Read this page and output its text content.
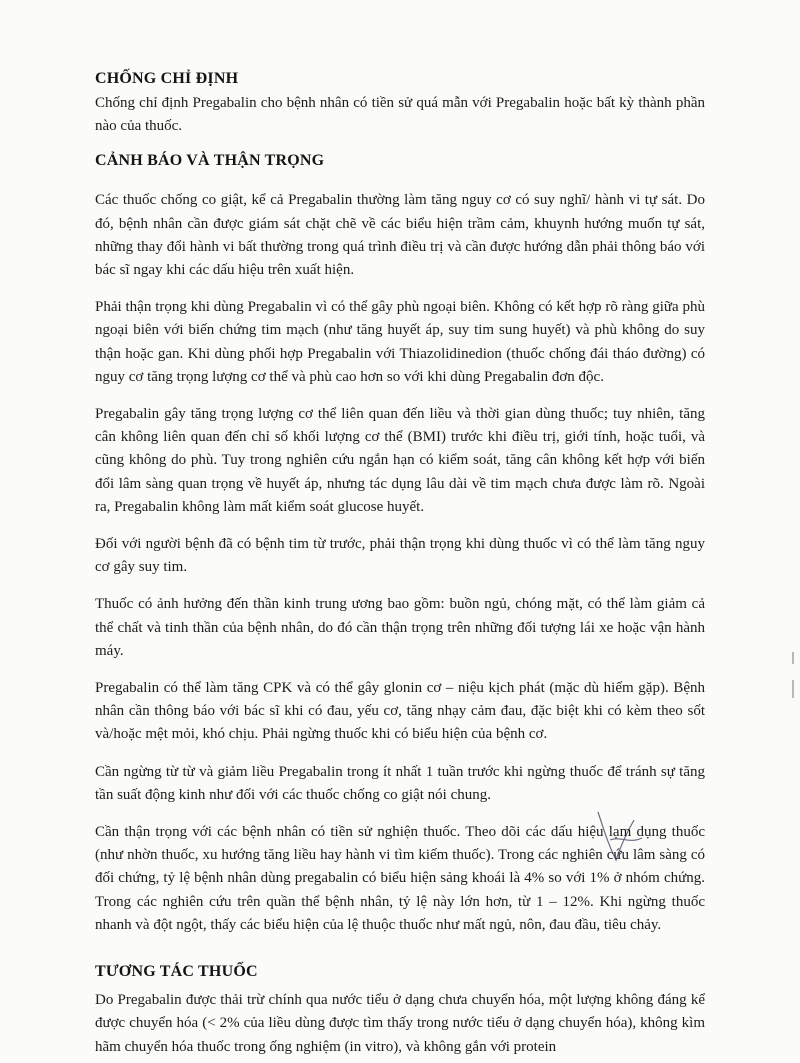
CHỐNG CHỈ ĐỊNH

Chống chỉ định Pregabalin cho bệnh nhân có tiền sử quá mẫn với Pregabalin hoặc bất kỳ thành phần nào của thuốc.

CẢNH BÁO VÀ THẬN TRỌNG

Các thuốc chống co giật, kể cả Pregabalin thường làm tăng nguy cơ có suy nghĩ/ hành vi tự sát. Do đó, bệnh nhân cần được giám sát chặt chẽ về các biểu hiện trầm cảm, khuynh hướng muốn tự sát, những thay đổi hành vi bất thường trong quá trình điều trị và cần được hướng dẫn phải thông báo với bác sĩ ngay khi các dấu hiệu trên xuất hiện.

Phải thận trọng khi dùng Pregabalin vì có thể gây phù ngoại biên. Không có kết hợp rõ ràng giữa phù ngoại biên với biến chứng tim mạch (như tăng huyết áp, suy tim sung huyết) và phù không do suy thận hoặc gan. Khi dùng phối hợp Pregabalin với Thiazolidinedion (thuốc chống đái tháo đường) có nguy cơ tăng trọng lượng cơ thể và phù cao hơn so với khi dùng Pregabalin đơn độc.

Pregabalin gây tăng trọng lượng cơ thể liên quan đến liều và thời gian dùng thuốc; tuy nhiên, tăng cân không liên quan đến chỉ số khối lượng cơ thể (BMI) trước khi điều trị, giới tính, hoặc tuổi, và cũng không do phù. Tuy trong nghiên cứu ngắn hạn có kiểm soát, tăng cân không kết hợp với biến đổi lâm sàng quan trọng về huyết áp, nhưng tác dụng lâu dài về tim mạch chưa được làm rõ. Ngoài ra, Pregabalin không làm mất kiểm soát glucose huyết.

Đối với người bệnh đã có bệnh tim từ trước, phải thận trọng khi dùng thuốc vì có thể làm tăng nguy cơ gây suy tim.

Thuốc có ảnh hưởng đến thần kinh trung ương bao gồm: buồn ngủ, chóng mặt, có thể làm giảm cả thể chất và tinh thần của bệnh nhân, do đó cần thận trọng trên những đối tượng lái xe hoặc vận hành máy.

Pregabalin có thể làm tăng CPK và có thể gây glonin cơ – niệu kịch phát (mặc dù hiếm gặp). Bệnh nhân cần thông báo với bác sĩ khi có đau, yếu cơ, tăng nhạy cảm đau, đặc biệt khi có kèm theo sốt và/hoặc mệt mỏi, khó chịu. Phải ngừng thuốc khi có biểu hiện của bệnh cơ.

Cần ngừng từ từ và giảm liều Pregabalin trong ít nhất 1 tuần trước khi ngừng thuốc để tránh sự tăng tần suất động kinh như đối với các thuốc chống co giật nói chung.

Cần thận trọng với các bệnh nhân có tiền sử nghiện thuốc. Theo dõi các dấu hiệu lạm dụng thuốc (như nhờn thuốc, xu hướng tăng liều hay hành vi tìm kiếm thuốc). Trong các nghiên cứu lâm sàng có đối chứng, tỷ lệ bệnh nhân dùng pregabalin có biểu hiện sảng khoái là 4% so với 1% ở nhóm chứng. Trong các nghiên cứu trên quần thể bệnh nhân, tỷ lệ này lớn hơn, từ 1 – 12%. Khi ngừng thuốc nhanh và đột ngột, thấy các biểu hiện của lệ thuộc thuốc như mất ngủ, nôn, đau đầu, tiêu chảy.

TƯƠNG TÁC THUỐC

Do Pregabalin được thải trừ chính qua nước tiểu ở dạng chưa chuyển hóa, một lượng không đáng kể được chuyển hóa (< 2% của liều dùng được tìm thấy trong nước tiểu ở dạng chuyển hóa), không kìm hãm chuyển hóa thuốc trong ống nghiệm (in vitro), và không gắn với protein
